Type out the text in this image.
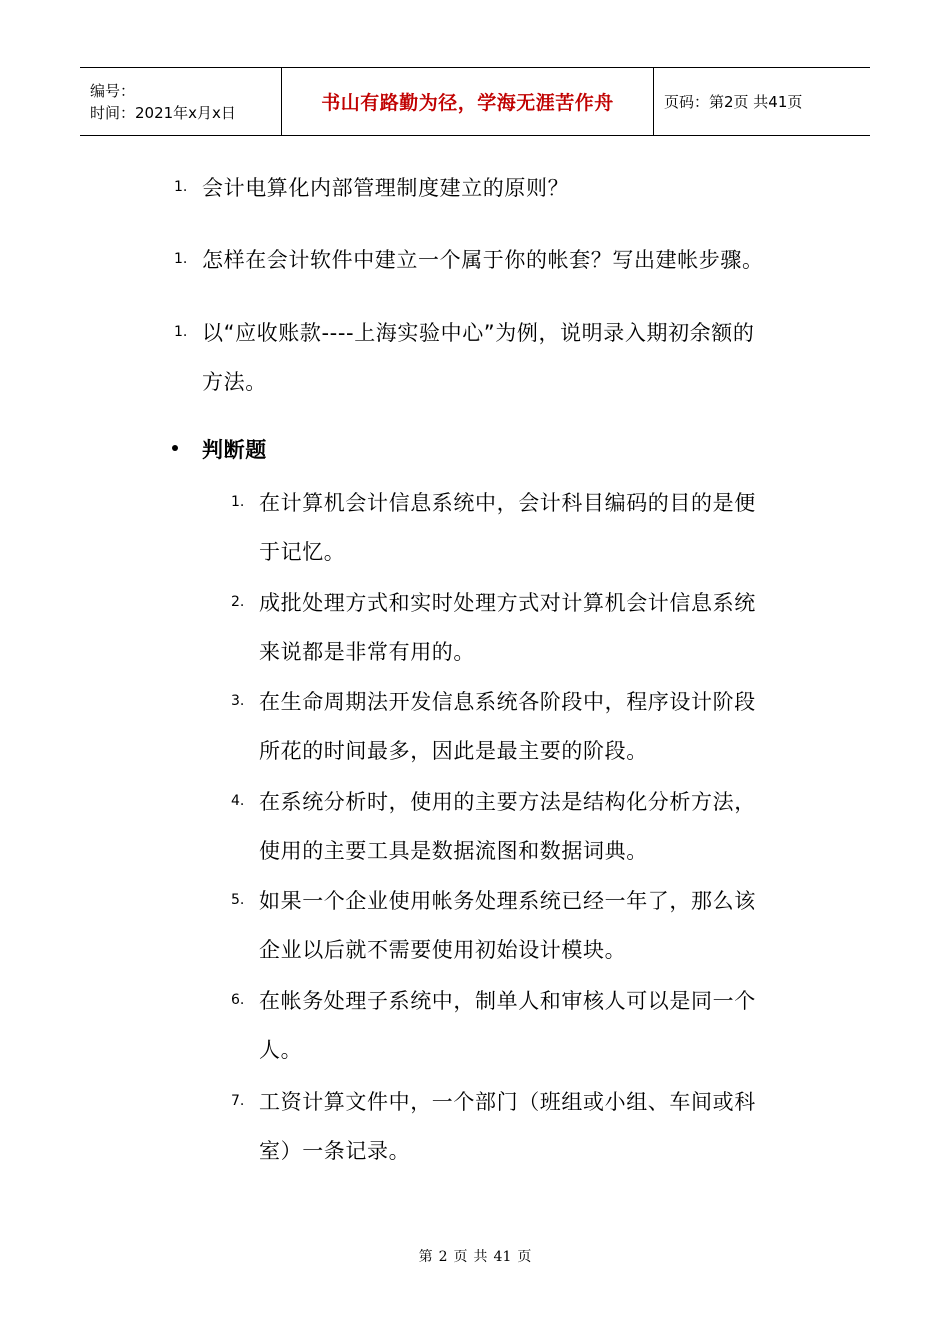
编号：
时间：2021年x月x日	书山有路勤为径，学海无涯苦作舟	页码：第2页 共41页
1. 会计电算化内部管理制度建立的原则？
1. 怎样在会计软件中建立一个属于你的帐套？写出建帐步骤。
1. 以“应收账款----上海实验中心”为例，说明录入期初余额的
方法。
判断题
1. 在计算机会计信息系统中，会计科目编码的目的是便
于记忆。
2. 成批处理方式和实时处理方式对计算机会计信息系统
来说都是非常有用的。
3. 在生命周期法开发信息系统各阶段中，程序设计阶段
所花的时间最多，因此是最主要的阶段。
4. 在系统分析时，使用的主要方法是结构化分析方法，
使用的主要工具是数据流图和数据词典。
5. 如果一个企业使用帐务处理系统已经一年了，那么该
企业以后就不需要使用初始设计模块。
6. 在帐务处理子系统中，制单人和审核人可以是同一个
人。
7. 工资计算文件中，一个部门（班组或小组、车间或科
室）一条记录。
第 2 页 共 41 页
